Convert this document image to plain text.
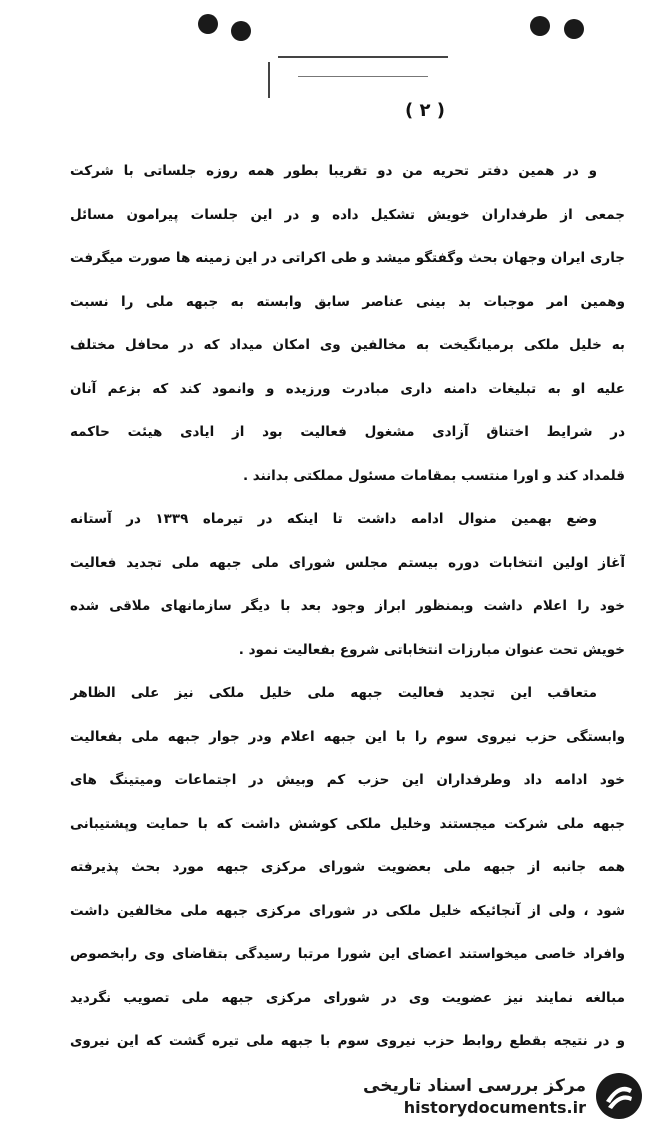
( ۲ )
و در همین دفتر تحریه من دو تقریبا بطور همه روزه جلساتی با شرکت
جمعی از طرفداران خویش تشکیل داده و در این جلسات پیرامون مسائل
جاری ایران وجهان بحث وگفتگو میشد و طی اکراتی در این زمینه ها صورت میگرفت
وهمین امر موجبات بد بینی عناصر سابق وابسته به جبهه ملی را نسبت
به خلیل ملکی برمیانگیخت به مخالفین وی امکان میداد که در محافل مختلف
علیه او به تبلیغات دامنه داری مبادرت ورزیده و وانمود کند که بزعم آنان
در شرایط اختناق آزادی مشغول فعالیت بود از ایادی هیئت حاکمه
قلمداد کند و اورا منتسب بمقامات مسئول مملکتی بدانند .
وضع بهمین منوال ادامه داشت تا اینکه در تیرماه ۱۳۳۹ در آستانه
آغاز اولین انتخابات دوره بیستم مجلس شورای ملی جبهه ملی تجدید فعالیت
خود را اعلام داشت وبمنظور ابراز وجود بعد با دیگر سازمانهای ملاقی شده
خویش تحت عنوان مبارزات انتخاباتی شروع بفعالیت نمود .
متعاقب این تجدید فعالیت جبهه ملی خلیل ملکی نیز علی الظاهر
وابستگی حزب نیروی سوم را با این جبهه اعلام ودر جوار جبهه ملی بفعالیت
خود ادامه داد وطرفداران این حزب کم وبیش در اجتماعات ومیتینگ های
جبهه ملی شرکت میجستند وخلیل ملکی کوشش داشت که با حمایت وپشتیبانی
همه جانبه از جبهه ملی بعضویت شورای مرکزی جبهه مورد بحث پذیرفته
شود ، ولی از آنجائیکه خلیل ملکی در شورای مرکزی جبهه ملی مخالفین داشت
وافراد خاصی میخواستند اعضای این شورا مرتبا رسیدگی بتقاضای وی رابخصوص
مبالغه نمایند نیز عضویت وی در شورای مرکزی جبهه ملی تصویب نگردید
و در نتیجه بقطع روابط حزب نیروی سوم با جبهه ملی تیره گشت که این نیروی
مرکز بررسی اسناد تاریخی
historydocuments.ir
